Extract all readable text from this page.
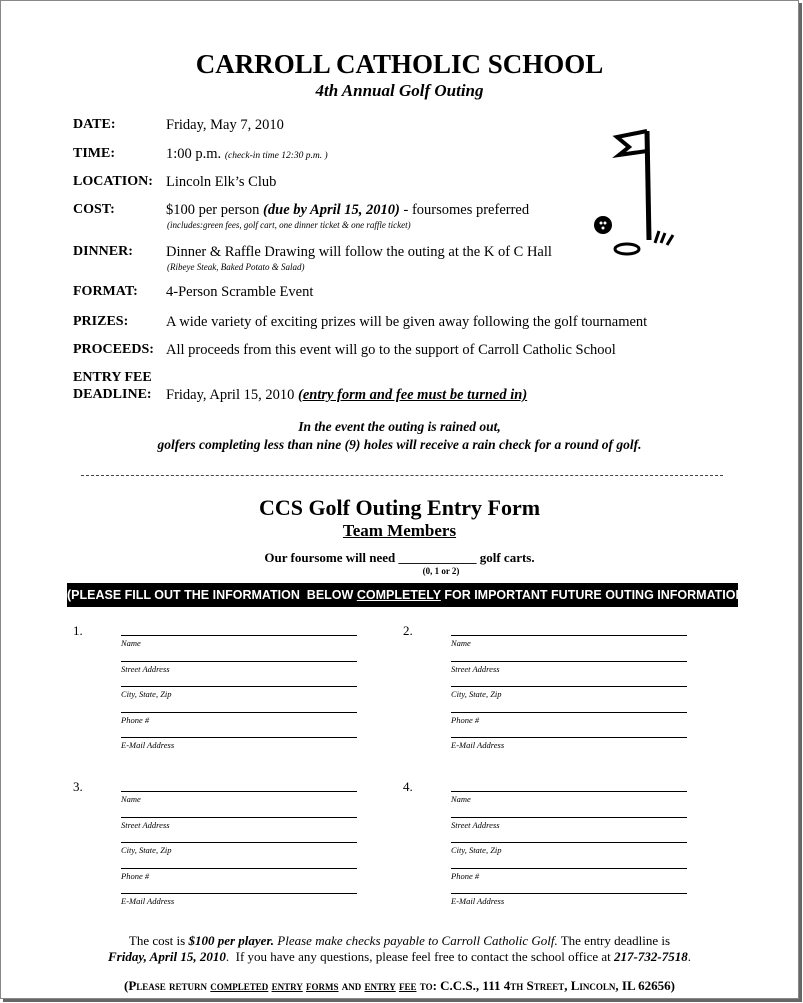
CARROLL CATHOLIC SCHOOL
4th Annual Golf Outing
DATE:	Friday, May 7, 2010
TIME:	1:00 p.m. (check-in time 12:30 p.m. )
LOCATION: Lincoln Elk’s Club
COST:	$100 per person (due by April 15, 2010) - foursomes preferred
(includes:green fees, golf cart, one dinner ticket & one raffle ticket)
DINNER: Dinner & Raffle Drawing will follow the outing at the K of C Hall
(Ribeye Steak, Baked Potato & Salad)
FORMAT: 4-Person Scramble Event
PRIZES:	A wide variety of exciting prizes will be given away following the golf tournament
PROCEEDS: All proceeds from this event will go to the support of Carroll Catholic School
ENTRY FEE
DEADLINE: Friday, April 15, 2010 (entry form and fee must be turned in)
In the event the outing is rained out,
golfers completing less than nine (9) holes will receive a rain check for a round of golf.
CCS Golf Outing Entry Form
Team Members
Our foursome will need ____________ golf carts.
(0, 1 or 2)
(PLEASE FILL OUT THE INFORMATION  BELOW COMPLETELY FOR IMPORTANT FUTURE OUTING INFORMATION)
1.
Name
Street Address
City, State, Zip
Phone #
E-Mail Address
2.
Name
Street Address
City, State, Zip
Phone #
E-Mail Address
3.
Name
Street Address
City, State, Zip
Phone #
E-Mail Address
4.
Name
Street Address
City, State, Zip
Phone #
E-Mail Address
The cost is $100 per player. Please make checks payable to Carroll Catholic Golf. The entry deadline is
Friday, April 15, 2010.  If you have any questions, please feel free to contact the school office at 217-732-7518.
(Please return completed entry forms and entry fee to: C.C.S., 111 4th Street, Lincoln, IL 62656)
